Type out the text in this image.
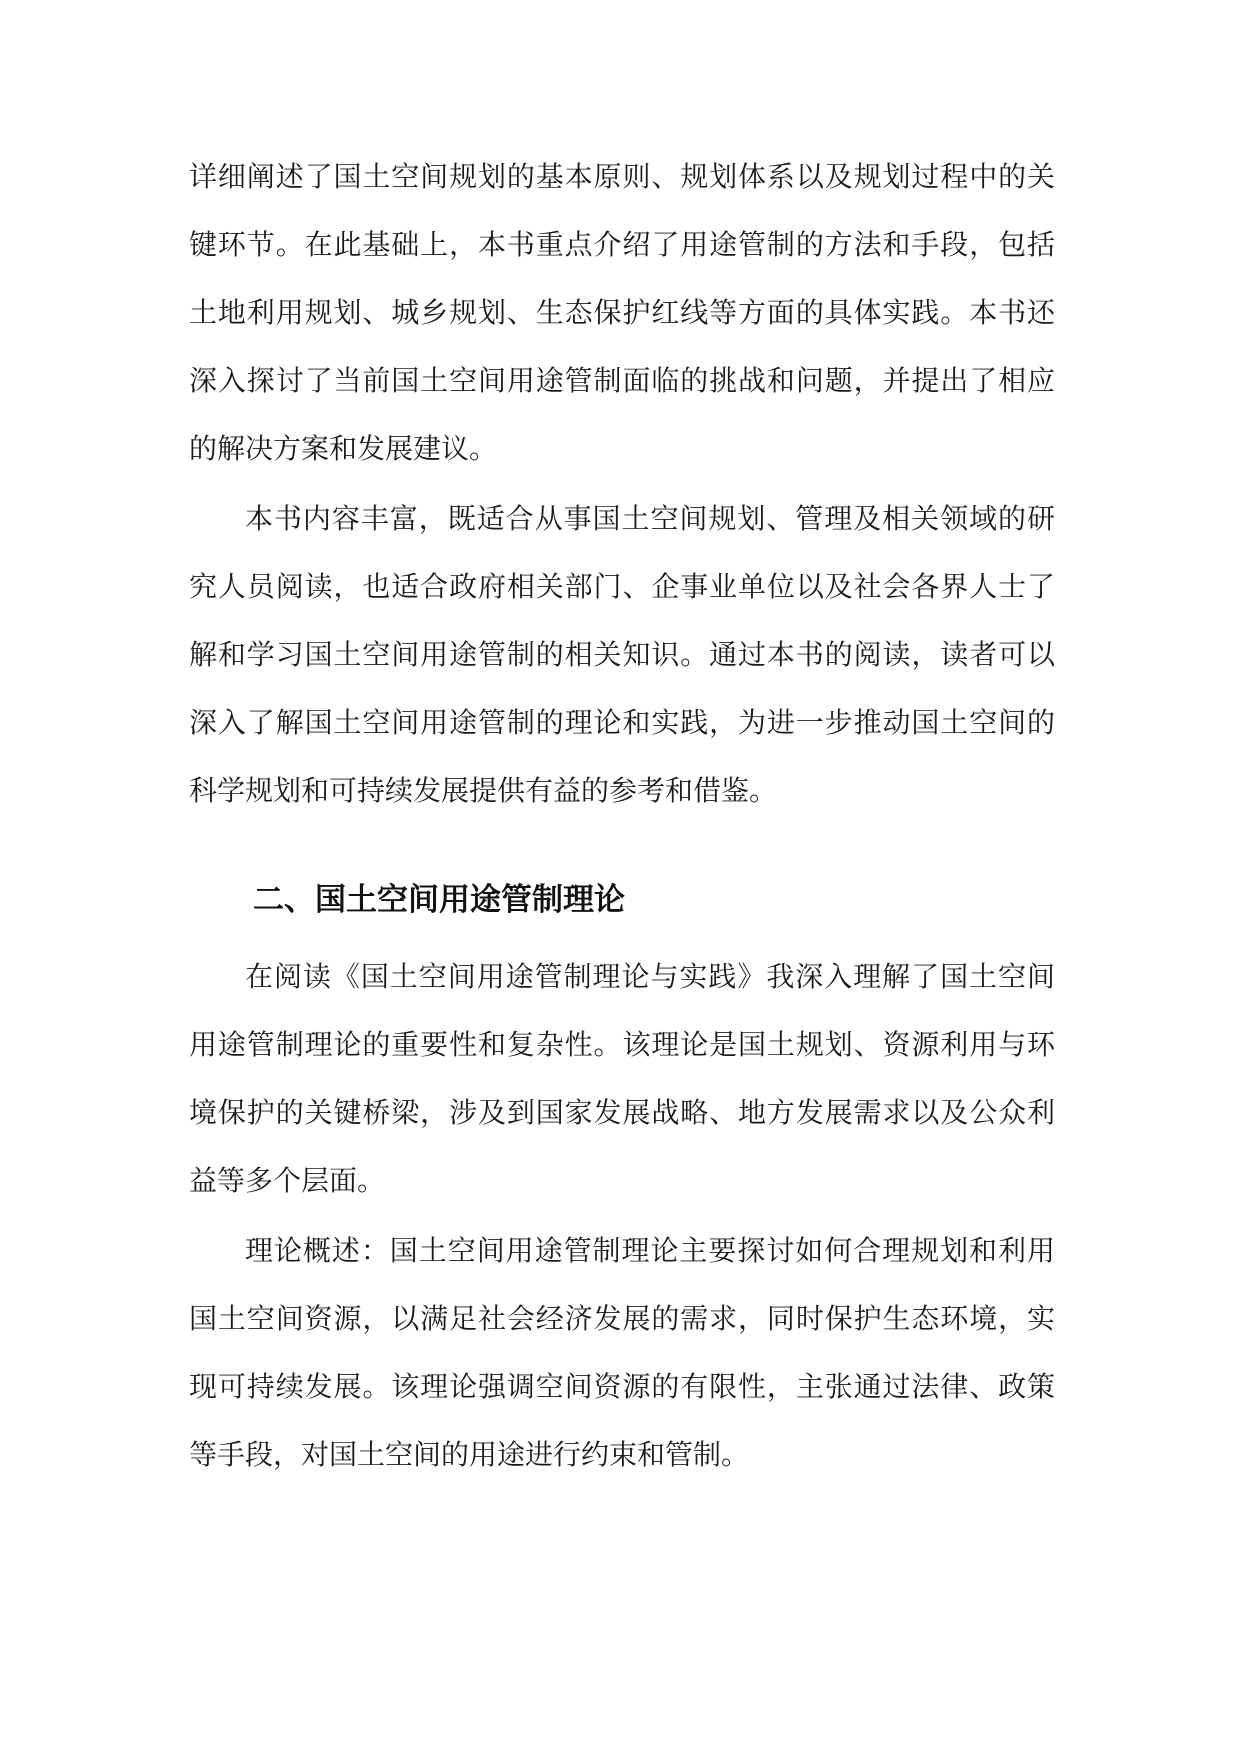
详细阐述了国土空间规划的基本原则、规划体系以及规划过程中的关键环节。在此基础上，本书重点介绍了用途管制的方法和手段，包括土地利用规划、城乡规划、生态保护红线等方面的具体实践。本书还深入探讨了当前国土空间用途管制面临的挑战和问题，并提出了相应的解决方案和发展建议。

本书内容丰富，既适合从事国土空间规划、管理及相关领域的研究人员阅读，也适合政府相关部门、企事业单位以及社会各界人士了解和学习国土空间用途管制的相关知识。通过本书的阅读，读者可以深入了解国土空间用途管制的理论和实践，为进一步推动国土空间的科学规划和可持续发展提供有益的参考和借鉴。

二、国土空间用途管制理论

在阅读《国土空间用途管制理论与实践》我深入理解了国土空间用途管制理论的重要性和复杂性。该理论是国土规划、资源利用与环境保护的关键桥梁，涉及到国家发展战略、地方发展需求以及公众利益等多个层面。

理论概述：国土空间用途管制理论主要探讨如何合理规划和利用国土空间资源，以满足社会经济发展的需求，同时保护生态环境，实现可持续发展。该理论强调空间资源的有限性，主张通过法律、政策等手段，对国土空间的用途进行约束和管制。
